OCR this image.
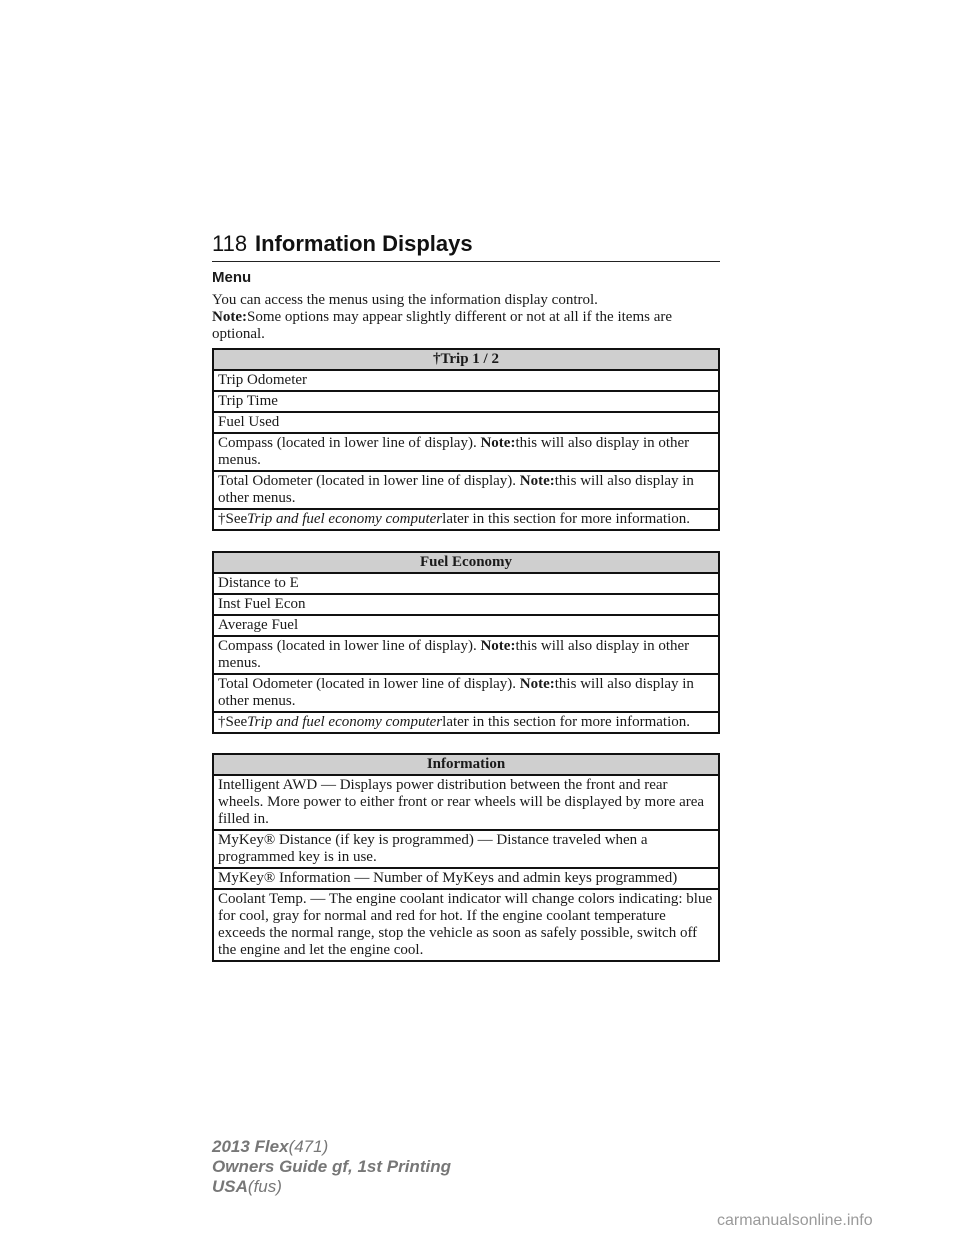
118 Information Displays
Menu

You can access the menus using the information display control.

Note:Some options may appear slightly different or not at all if the items are optional.

†Trip 1 / 2
Trip Odometer
Trip Time
Fuel Used
Compass (located in lower line of display). Note:this will also display in other menus.
Total Odometer (located in lower line of display). Note:this will also display in other menus.
†SeeTrip and fuel economy computerlater in this section for more information.
Fuel Economy
Distance to E
Inst Fuel Econ
Average Fuel
Compass (located in lower line of display). Note:this will also display in other menus.
Total Odometer (located in lower line of display). Note:this will also display in other menus.
†SeeTrip and fuel economy computerlater in this section for more information.
Information
Intelligent AWD — Displays power distribution between the front and rear wheels. More power to either front or rear wheels will be displayed by more area filled in.
MyKey® Distance (if key is programmed) — Distance traveled when a programmed key is in use.
MyKey® Information — Number of MyKeys and admin keys programmed)
Coolant Temp. — The engine coolant indicator will change colors indicating: blue for cool, gray for normal and red for hot. If the engine coolant temperature exceeds the normal range, stop the vehicle as soon as safely possible, switch off the engine and let the engine cool.
2013 Flex(471)
Owners Guide gf, 1st Printing
USA(fus)
carmanualsonline.info
